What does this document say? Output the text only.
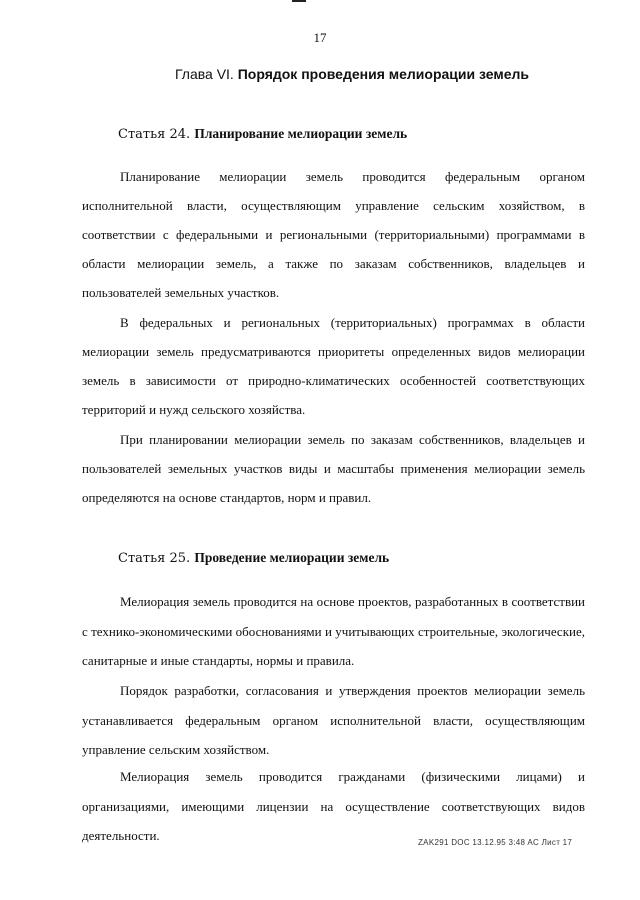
17
Глава VI. Порядок проведения мелиорации земель
Статья 24. Планирование мелиорации земель

Планирование мелиорации земель проводится федеральным органом исполнительной власти, осуществляющим управление сельским хозяйством, в соответствии с федеральными и региональными (территориальными) программами в области мелиорации земель, а также по заказам собственников, владельцев и пользователей земельных участков.

В федеральных и региональных (территориальных) программах в области мелиорации земель предусматриваются приоритеты определенных видов мелиорации земель в зависимости от природно-климатических особенностей соответствующих территорий и нужд сельского хозяйства.

При планировании мелиорации земель по заказам собственников, владельцев и пользователей земельных участков виды и масштабы применения мелиорации земель определяются на основе стандартов, норм и правил.

Статья 25. Проведение мелиорации земель

Мелиорация земель проводится на основе проектов, разработанных в соответствии с технико-экономическими обоснованиями и учитывающих строительные, экологические, санитарные и иные стандарты, нормы и правила.

Порядок разработки, согласования и утверждения проектов мелиорации земель устанавливается федеральным органом исполнительной власти, осуществляющим управление сельским хозяйством.

Мелиорация земель проводится гражданами (физическими лицами) и организациями, имеющими лицензии на осуществление соответствующих видов деятельности.	ZAK291 DOC 13.12.95 3:48 AC Лист 17
